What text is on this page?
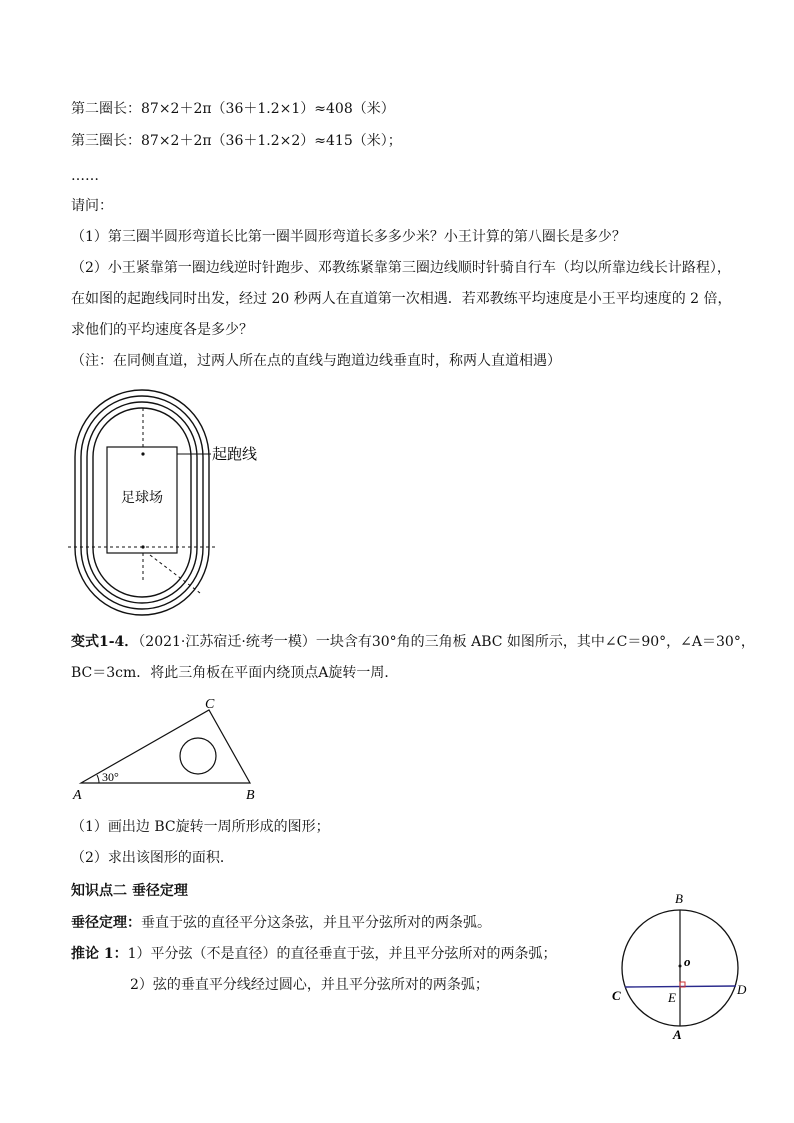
第二圈长：87×2＋2π（36＋1.2×1）≈408（米）
第三圈长：87×2＋2π（36＋1.2×2）≈415（米）；
……
请问：
（1）第三圈半圆形弯道长比第一圈半圆形弯道长多多少米？小王计算的第八圈长是多少？
（2）小王紧靠第一圈边线逆时针跑步、邓教练紧靠第三圈边线顺时针骑自行车（均以所靠边线长计路程），
在如图的起跑线同时出发，经过 20 秒两人在直道第一次相遇．若邓教练平均速度是小王平均速度的 2 倍，
求他们的平均速度各是多少？
（注：在同侧直道，过两人所在点的直线与跑道边线垂直时，称两人直道相遇）
起跑线
足球场
变式1-4．（2021·江苏宿迁·统考一模）一块含有30°角的三角板 ABC 如图所示，其中∠C＝90°，∠A＝30°，
BC＝3cm．将此三角板在平面内绕顶点A旋转一周．
30°
A	B
C
（1）画出边 BC旋转一周所形成的图形；
（2）求出该图形的面积．
知识点二 垂径定理
垂径定理：垂直于弦的直径平分这条弦，并且平分弦所对的两条弧。
推论 1：1）平分弦（不是直径）的直径垂直于弦，并且平分弦所对的两条弧；
2）弦的垂直平分线经过圆心，并且平分弦所对的两条弧；
B
o
C	E
D
A
